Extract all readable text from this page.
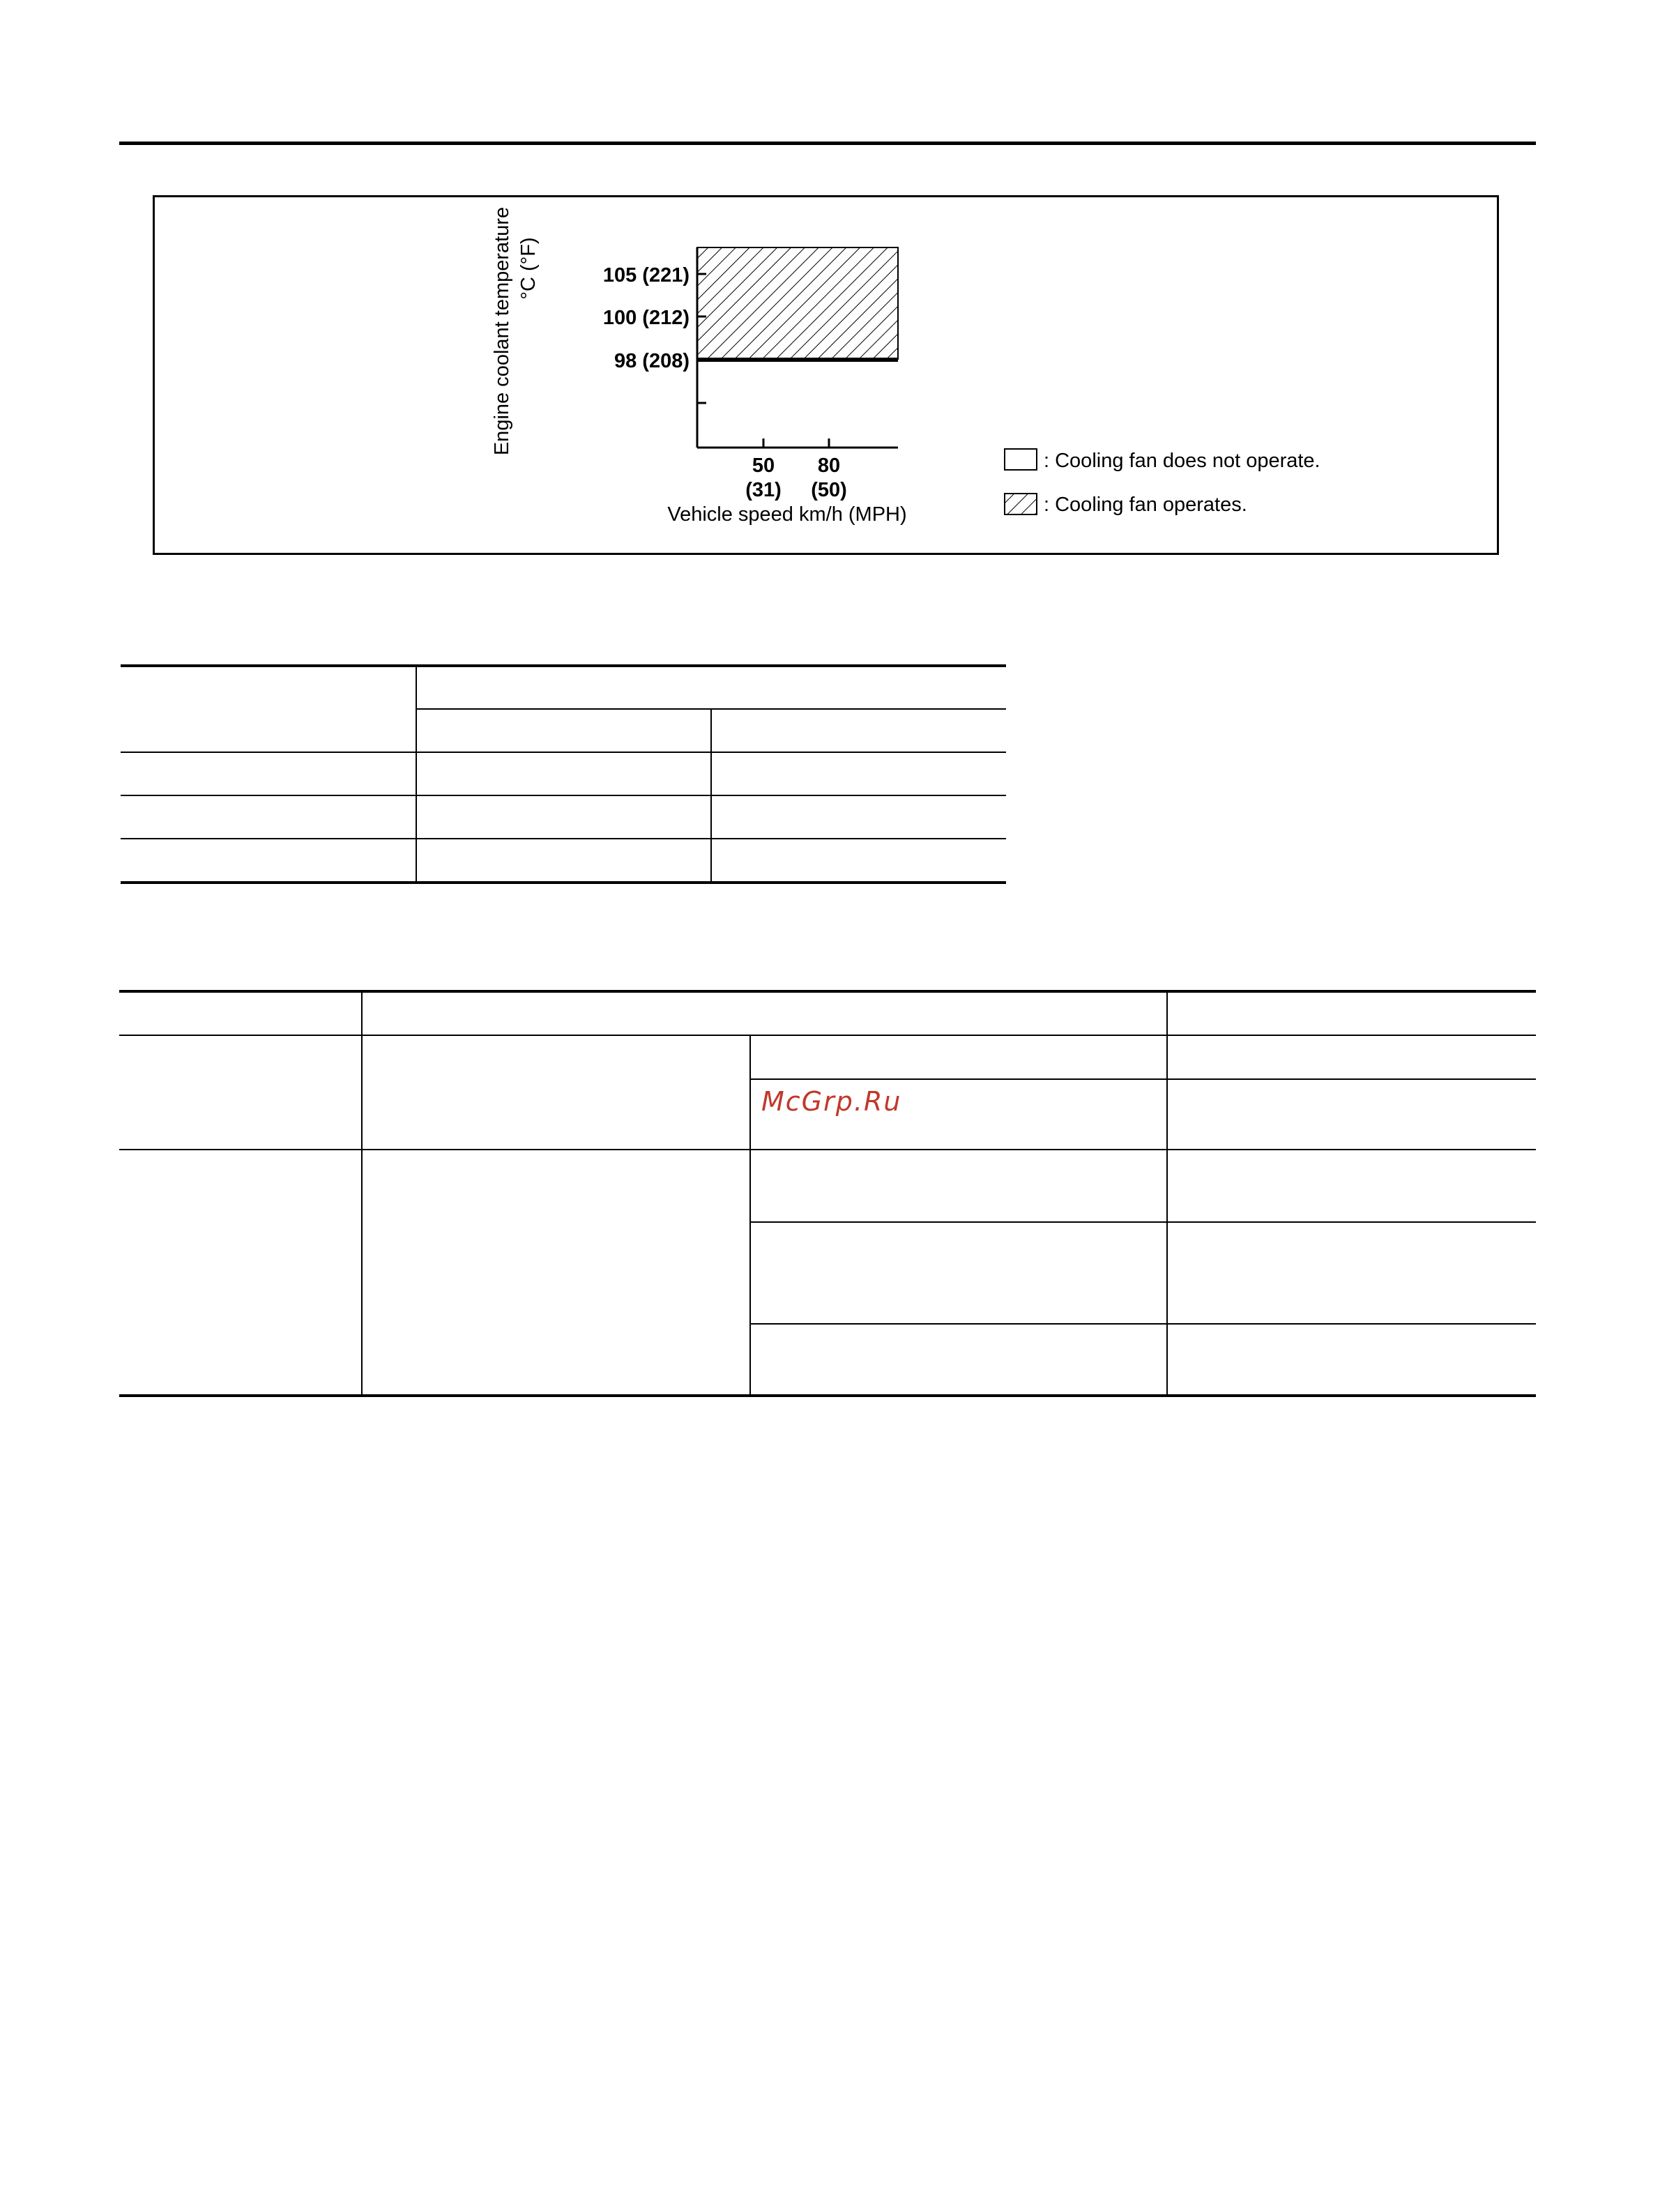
105 (221)
100 (212)
98 (208)
50 80
(31) (50)
Vehicle speed km/h (MPH)
Engine coolant temperature °C (°F)
: Cooling fan does not operate.
: Cooling fan operates.
McGrp.Ru
